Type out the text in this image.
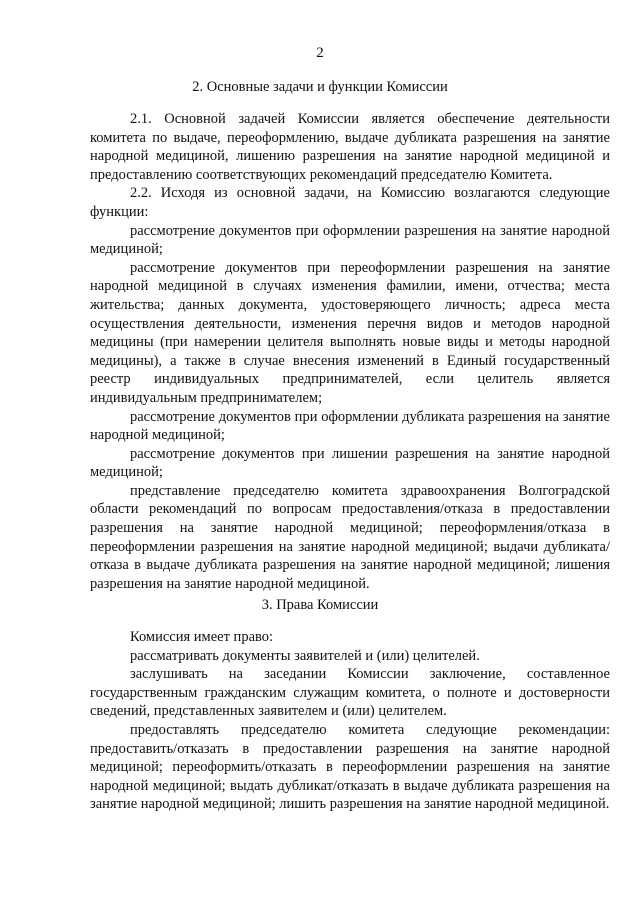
2
2. Основные задачи и функции Комиссии

2.1. Основной задачей Комиссии является обеспечение деятельности комитета по выдаче, переоформлению, выдаче дубликата разрешения на занятие народной медициной, лишению разрешения на занятие народной медициной и предоставлению соответствующих рекомендаций председателю Комитета.

2.2. Исходя из основной задачи, на Комиссию возлагаются следующие функции:

рассмотрение документов при оформлении разрешения на занятие народной медициной;

рассмотрение документов при переоформлении разрешения на занятие народной медициной в случаях изменения фамилии, имени, отчества; места жительства; данных документа, удостоверяющего личность; адреса места осуществления деятельности, изменения перечня видов и методов народной медицины (при намерении целителя выполнять новые виды и методы народной медицины), а также в случае внесения изменений в Единый государственный реестр индивидуальных предпринимателей, если целитель является индивидуальным предпринимателем;

рассмотрение документов при оформлении дубликата разрешения на занятие народной медициной;

рассмотрение документов при лишении разрешения на занятие народной медициной;

представление председателю комитета здравоохранения Волгоградской области рекомендаций по вопросам предоставления/отказа в предоставлении разрешения на занятие народной медициной; переоформления/отказа в переоформлении разрешения на занятие народной медициной; выдачи дубликата/отказа в выдаче дубликата разрешения на занятие народной медициной; лишения разрешения на занятие народной медициной.

3. Права Комиссии

Комиссия имеет право:

рассматривать документы заявителей и (или) целителей.

заслушивать на заседании Комиссии заключение, составленное государственным гражданским служащим комитета, о полноте и достоверности сведений, представленных заявителем и (или) целителем.

предоставлять председателю комитета следующие рекомендации: предоставить/отказать в предоставлении разрешения на занятие народной медициной; переоформить/отказать в переоформлении разрешения на занятие народной медициной; выдать дубликат/отказать в выдаче дубликата разрешения на занятие народной медициной; лишить разрешения на занятие народной медициной.
